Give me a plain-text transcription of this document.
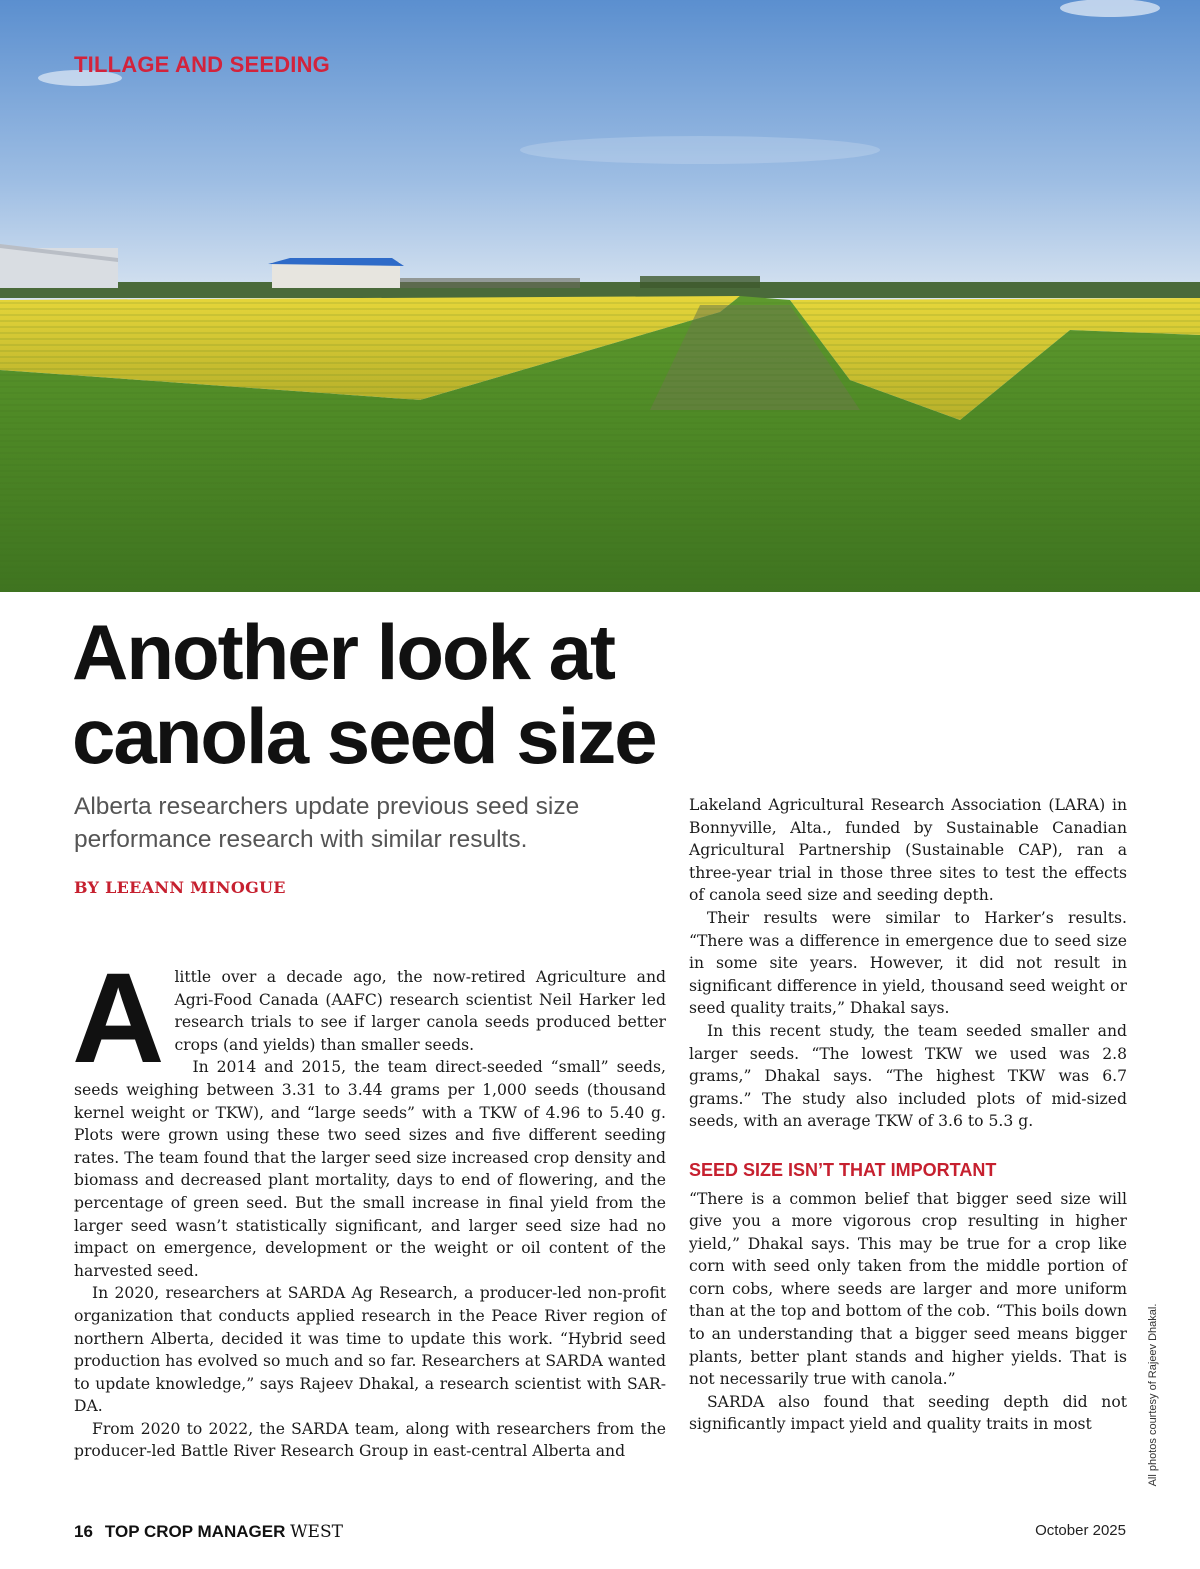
TILLAGE AND SEEDING
Another look at canola seed size

Alberta researchers update previous seed size performance research with similar results.

BY LEEANN MINOGUE

Alittle over a decade ago, the now-retired Agriculture and Agri-Food Canada (AAFC) research scientist Neil Harker led research trials to see if larger canola seeds produced better crops (and yields) than smaller seeds.

In 2014 and 2015, the team direct-seeded “small” seeds, seeds weighing between 3.31 to 3.44 grams per 1,000 seeds (thousand kernel weight or TKW), and “large seeds” with a TKW of 4.96 to 5.40 g. Plots were grown using these two seed sizes and five different seeding rates. The team found that the larger seed size increased crop density and biomass and decreased plant mortality, days to end of flowering, and the percentage of green seed. But the small increase in final yield from the larger seed wasn’t statistically significant, and larger seed size had no impact on emergence, development or the weight or oil content of the harvested seed.

In 2020, researchers at SARDA Ag Research, a producer-led non-profit organization that conducts applied research in the Peace River region of northern Alberta, decided it was time to update this work. “Hybrid seed production has evolved so much and so far. Researchers at SARDA wanted to update knowledge,” says Rajeev Dhakal, a research scientist with SAR-DA.

From 2020 to 2022, the SARDA team, along with researchers from the producer-led Battle River Research Group in east-central Alberta and

Lakeland Agricultural Research Association (LARA) in Bonnyville, Alta., funded by Sustainable Canadian Agricultural Partnership (Sustainable CAP), ran a three-year trial in those three sites to test the effects of canola seed size and seeding depth.

Their results were similar to Harker’s results. “There was a difference in emergence due to seed size in some site years. However, it did not result in significant difference in yield, thousand seed weight or seed quality traits,” Dhakal says.

In this recent study, the team seeded smaller and larger seeds. “The lowest TKW we used was 2.8 grams,” Dhakal says. “The highest TKW was 6.7 grams.” The study also included plots of mid-sized seeds, with an average TKW of 3.6 to 5.3 g.

SEED SIZE ISN’T THAT IMPORTANT

“There is a common belief that bigger seed size will give you a more vigorous crop resulting in higher yield,” Dhakal says. This may be true for a crop like corn with seed only taken from the middle portion of corn cobs, where seeds are larger and more uniform than at the top and bottom of the cob. “This boils down to an understanding that a bigger seed means bigger plants, better plant stands and higher yields. That is not necessarily true with canola.”

SARDA also found that seeding depth did not significantly impact yield and quality traits in most	All photos courtesy of Rajeev Dhakal.
16 TOP CROP MANAGER WEST	October 2025
